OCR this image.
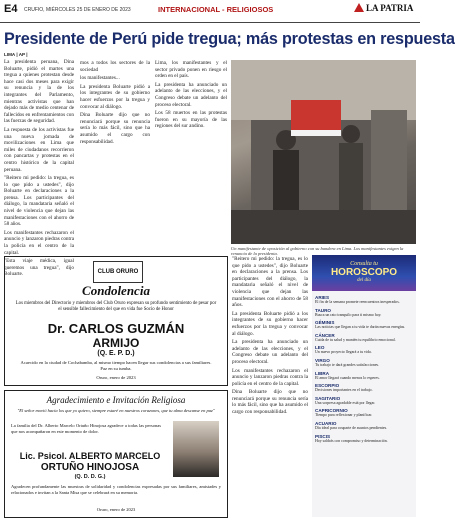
E4 CRUFIO, MIÉRCOLES 25 DE ENERO DE 2023	INTERNACIONAL - RELIGIOSOS	LA PATRIA
Presidente de Perú pide tregua; más protestas en respuesta
LIMA | AP |

La presidenta peruana, Dina Boluarte, pidió el martes una tregua a quienes protestan desde hace casi dos meses para exigir su renuncia y la de los integrantes del Parlamento, mientras activistas que han dejado más de medio centenar de fallecidos en enfrentamientos con las fuerzas de seguridad.

La respuesta de los activistas fue una nueva jornada de movilizaciones en Lima que miles de ciudadanos recorrieron con pancartas y protestas en el centro histórico de la capital peruana.

"Reitero mi pedido: la tregua, es lo que pido a ustedes", dijo Boluarte en declaraciones a la prensa. Los participantes del diálogo, la mandataria señaló el nivel de violencia que dejan las manifestaciones con el ahorro de 58 años.

Los manifestantes rechazaron el anuncio y lanzaron piedras contra la policía en el centro de la capital.

"Esta viaje médica, igual queremos una tregua", dijo Boluarte.

mos a todos los sectores de la sociedad

los manifestantes...

La presidenta Boluarte pidió a los integrantes de su gobierno hacer esfuerzos por la tregua y convocar al diálogo.

Dina Boluarte dijo que no renunciará porque su renuncia sería lo más fácil, sino que ha asumido el cargo con responsabilidad.

Lima, los manifestantes y el sector privado ponen en riesgo el orden en el país.

La presidenta ha anunciado un adelanto de las elecciones, y el Congreso debate un adelanto del proceso electoral.

Los 58 muertos en las protestas fueron en su mayoría de las regiones del sur andino.

Un manifestante de oposición al gobierno con su bandera en Lima. Los manifestantes exigen la renuncia de la presidenta.
CLUB ORURO
Condolencia
Los miembros del Directorio y miembros del Club Oruro expresan su profundo sentimiento de pesar por el sensible fallecimiento del que en vida fue Socio de Honor
Dr. CARLOS GUZMÁN
ARMIJO
(Q. E. P. D.)
Acaecido en la ciudad de Cochabamba, al mismo tiempo hacen llegar sus condolencias a sus familiares. Paz en su tumba.
Oruro, enero de 2023
Agradecimiento e Invitación Religiosa
"El señor movió hacia los que yo quiero, siempre estaré en nuestros corazones, que tu alma descanse en paz"
La familia del Dr. Alberto Marcelo Ortuño Hinojosa agradece a todas las personas que nos acompañaron en este momento de dolor.
Lic. Psicol. ALBERTO MARCELO
ORTUÑO HINOJOSA
(Q. D. D. G.)
Agradecen profundamente las muestras de solidaridad y condolencias expresadas por sus familiares, amistades y relacionados e invitan a la Santa Misa que se celebrará en su memoria.
Oruro, enero de 2023

"Reitero mi pedido: la tregua, es lo que pido a ustedes", dijo Boluarte en declaraciones a la prensa. Los participantes del diálogo, la mandataria señaló el nivel de violencia que dejan las manifestaciones con el ahorro de 58 años.

La presidenta Boluarte pidió a los integrantes de su gobierno hacer esfuerzos por la tregua y convocar al diálogo.

La presidenta ha anunciado un adelanto de las elecciones, y el Congreso debate un adelanto del proceso electoral.

Los manifestantes rechazaron el anuncio y lanzaron piedras contra la policía en el centro de la capital.

Dina Boluarte dijo que no renunciará porque su renuncia sería lo más fácil, sino que ha asumido el cargo con responsabilidad.

Consulta tu
HOROSCOPO
del día
ARIES
El fin de la semana promete reencuentros inesperados.
TAURO
Busca un rato tranquilo para ti mismo hoy.
GÉMINIS
Las noticias que llegan a tu vida te darán nuevas energías.
CÁNCER
Cuida de tu salud y mantén tu equilibrio emocional.
LEO
Un nuevo proyecto llegará a tu vida.
VIRGO
Tu trabajo te dará grandes satisfacciones.
LIBRA
El amor llegará cuando menos lo esperes.
ESCORPIO
Decisiones importantes en el trabajo.
SAGITARIO
Una sorpresa agradable está por llegar.
CAPRICORNIO
Tiempo para reflexionar y planificar.
ACUARIO
Día ideal para ocuparte de asuntos pendientes.
PISCIS
Hoy saldrás con compromiso y determinación.
